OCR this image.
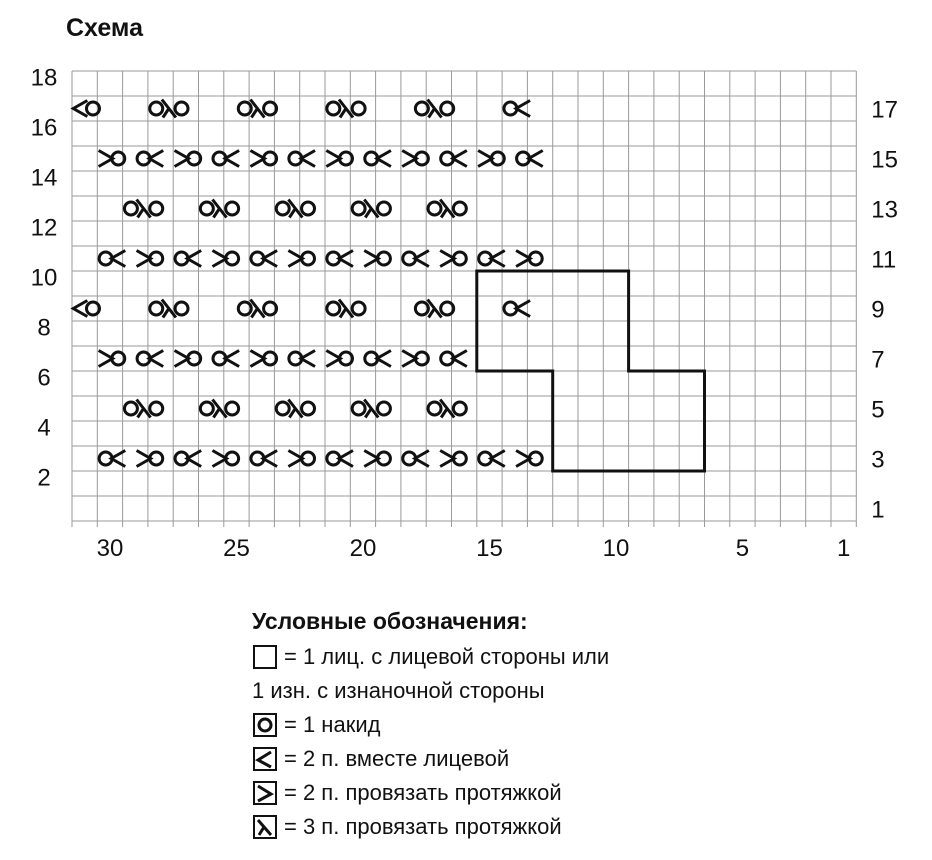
Схема
30	25	20	15	10	5	1
18
16
14
12
10
8
6
4
2
17
15
13
11
9
7
5
3
1
Условные обозначения:
= 1 лиц. с лицевой стороны или
1 изн. с изнаночной стороны
= 1 накид
= 2 п. вместе лицевой
= 2 п. провязать протяжкой
= 3 п. провязать протяжкой
